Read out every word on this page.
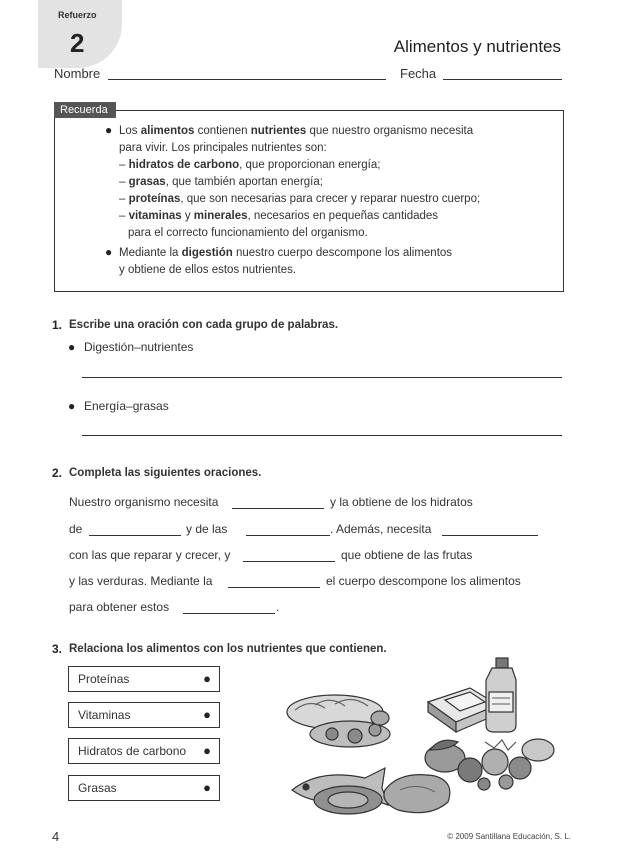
Refuerzo
2	Alimentos y nutrientes
Nombre	Fecha
Recuerda
● Los alimentos contienen nutrientes que nuestro organismo necesita
para vivir. Los principales nutrientes son:
– hidratos de carbono, que proporcionan energía;
– grasas, que también aportan energía;
– proteínas, que son necesarias para crecer y reparar nuestro cuerpo;
– vitaminas y minerales, necesarios en pequeñas cantidades
para el correcto funcionamiento del organismo.
● Mediante la digestión nuestro cuerpo descompone los alimentos
y obtiene de ellos estos nutrientes.
1. Escribe una oración con cada grupo de palabras.
● Digestión–nutrientes
● Energía–grasas
2. Completa las siguientes oraciones.
Nuestro organismo necesita	y la obtiene de los hidratos
de	y de las	. Además, necesita
con las que reparar y crecer, y	que obtiene de las frutas
y las verduras. Mediante la	el cuerpo descompone los alimentos
para obtener estos	.
3. Relaciona los alimentos con los nutrientes que contienen.
Proteínas	●
Vitaminas	●
Hidratos de carbono ●
Grasas	●
4	© 2009 Santillana Educación, S. L.
